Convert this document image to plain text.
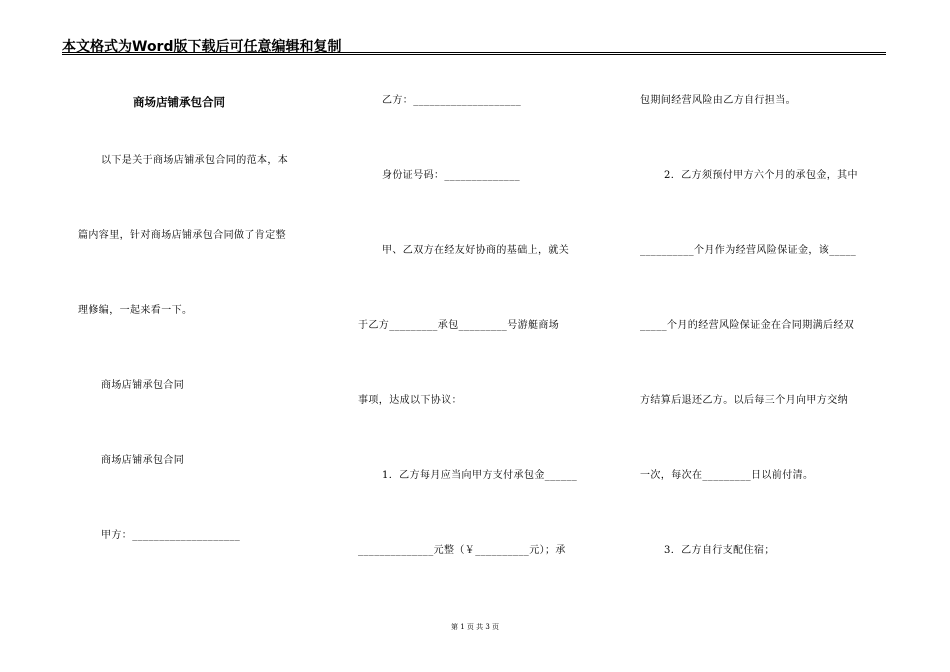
本文格式为Word版下载后可任意编辑和复制
商场店铺承包合同
以下是关于商场店铺承包合同的范本，本
篇内容里，针对商场店铺承包合同做了肯定整
理修编，一起来看一下。
商场店铺承包合同
商场店铺承包合同
甲方：____________________
乙方：____________________
身份证号码：______________
甲、乙双方在经友好协商的基础上，就关
于乙方_________承包_________号游艇商场
事项，达成以下协议：
1．乙方每月应当向甲方支付承包金______
______________元整（￥__________元）；承
包期间经营风险由乙方自行担当。
2．乙方须预付甲方六个月的承包金，其中
__________个月作为经营风险保证金，该_____
_____个月的经营风险保证金在合同期满后经双
方结算后退还乙方。以后每三个月向甲方交纳
一次，每次在_________日以前付清。
3．乙方自行支配住宿；
第 1 页 共 3 页
